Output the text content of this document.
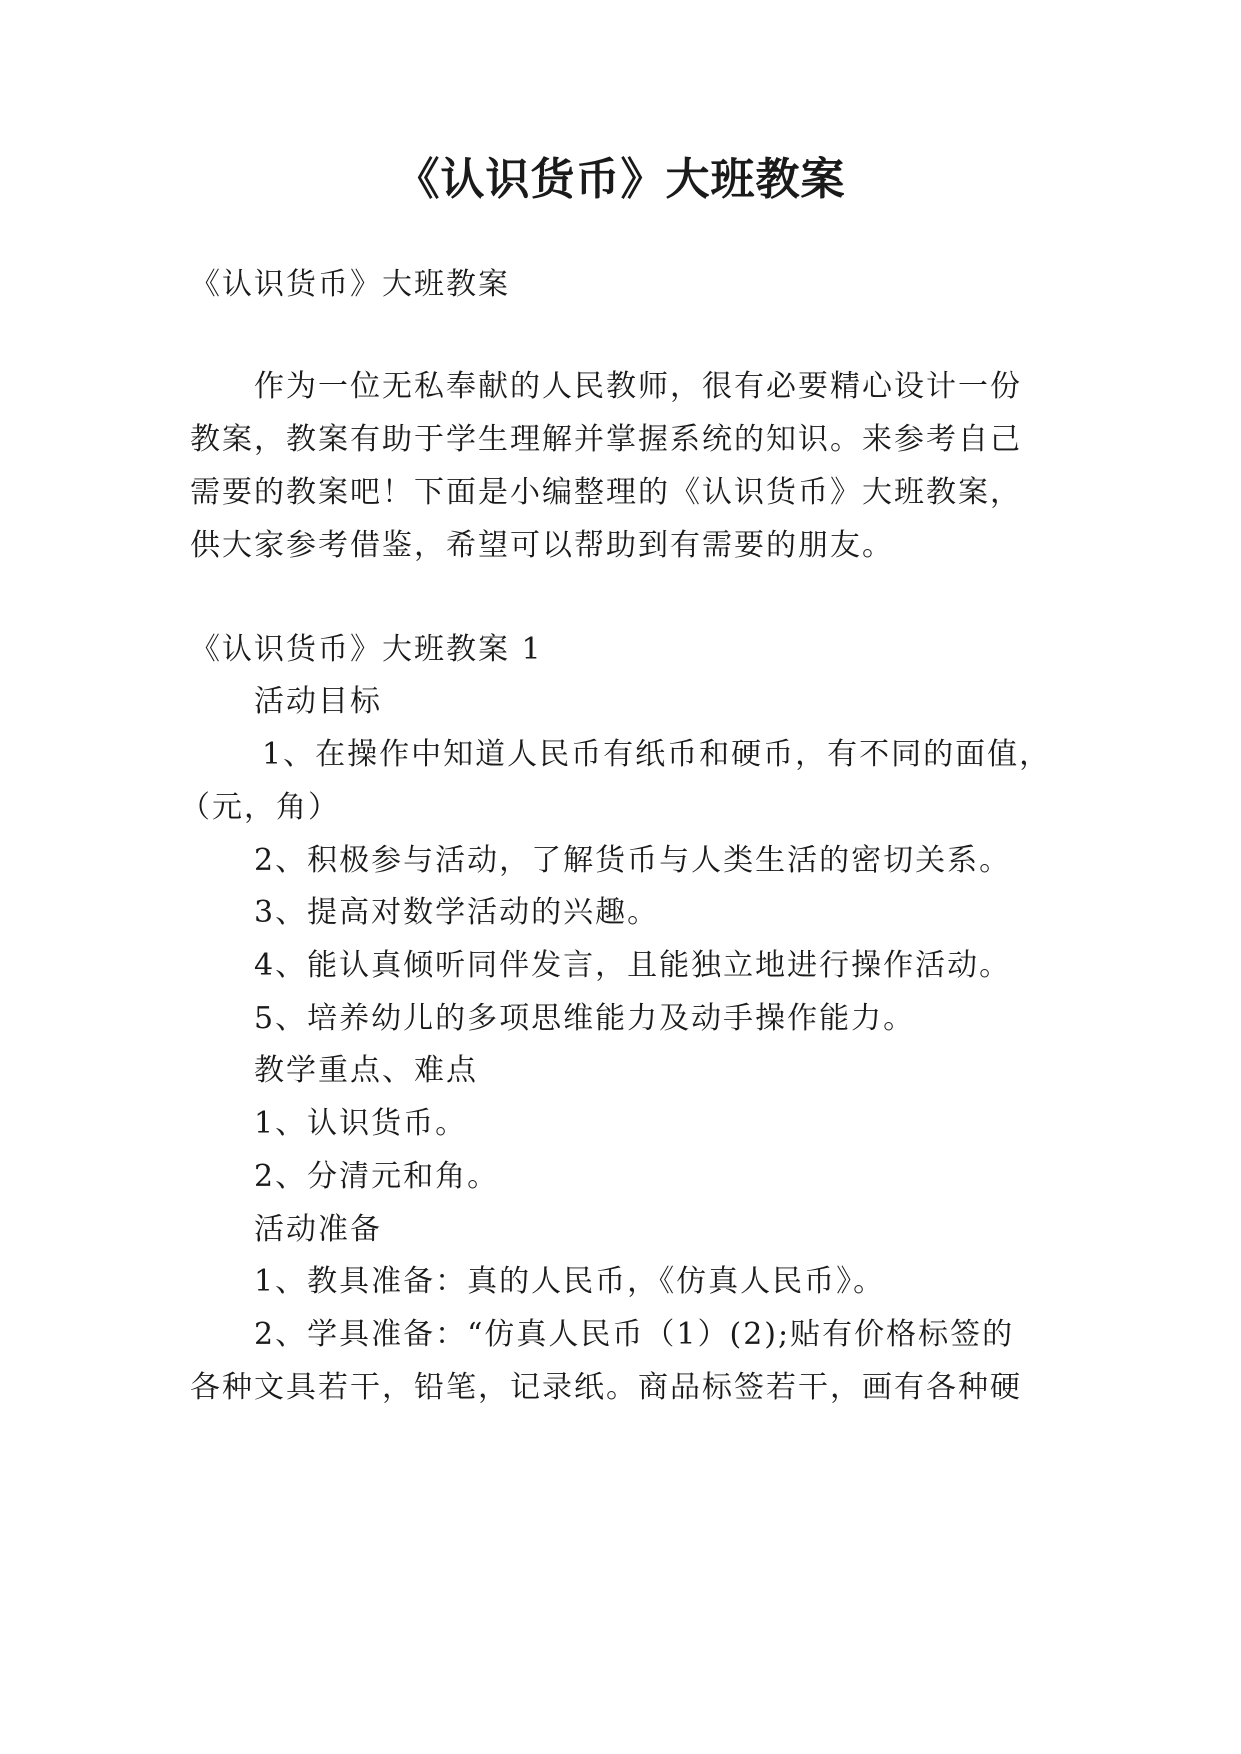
《认识货币》大班教案
《认识货币》大班教案
作为一位无私奉献的人民教师，很有必要精心设计一份
教案，教案有助于学生理解并掌握系统的知识。来参考自己
需要的教案吧！下面是小编整理的《认识货币》大班教案，
供大家参考借鉴，希望可以帮助到有需要的朋友。
《认识货币》大班教案 1
活动目标
1、在操作中知道人民币有纸币和硬币，有不同的面值，
（元，角）
2、积极参与活动，了解货币与人类生活的密切关系。
3、提高对数学活动的兴趣。
4、能认真倾听同伴发言，且能独立地进行操作活动。
5、培养幼儿的多项思维能力及动手操作能力。
教学重点、难点
1、认识货币。
2、分清元和角。
活动准备
1、教具准备：真的人民币，《仿真人民币》。
2、学具准备：“仿真人民币（1）(2);贴有价格标签的
各种文具若干，铅笔，记录纸。商品标签若干，画有各种硬
